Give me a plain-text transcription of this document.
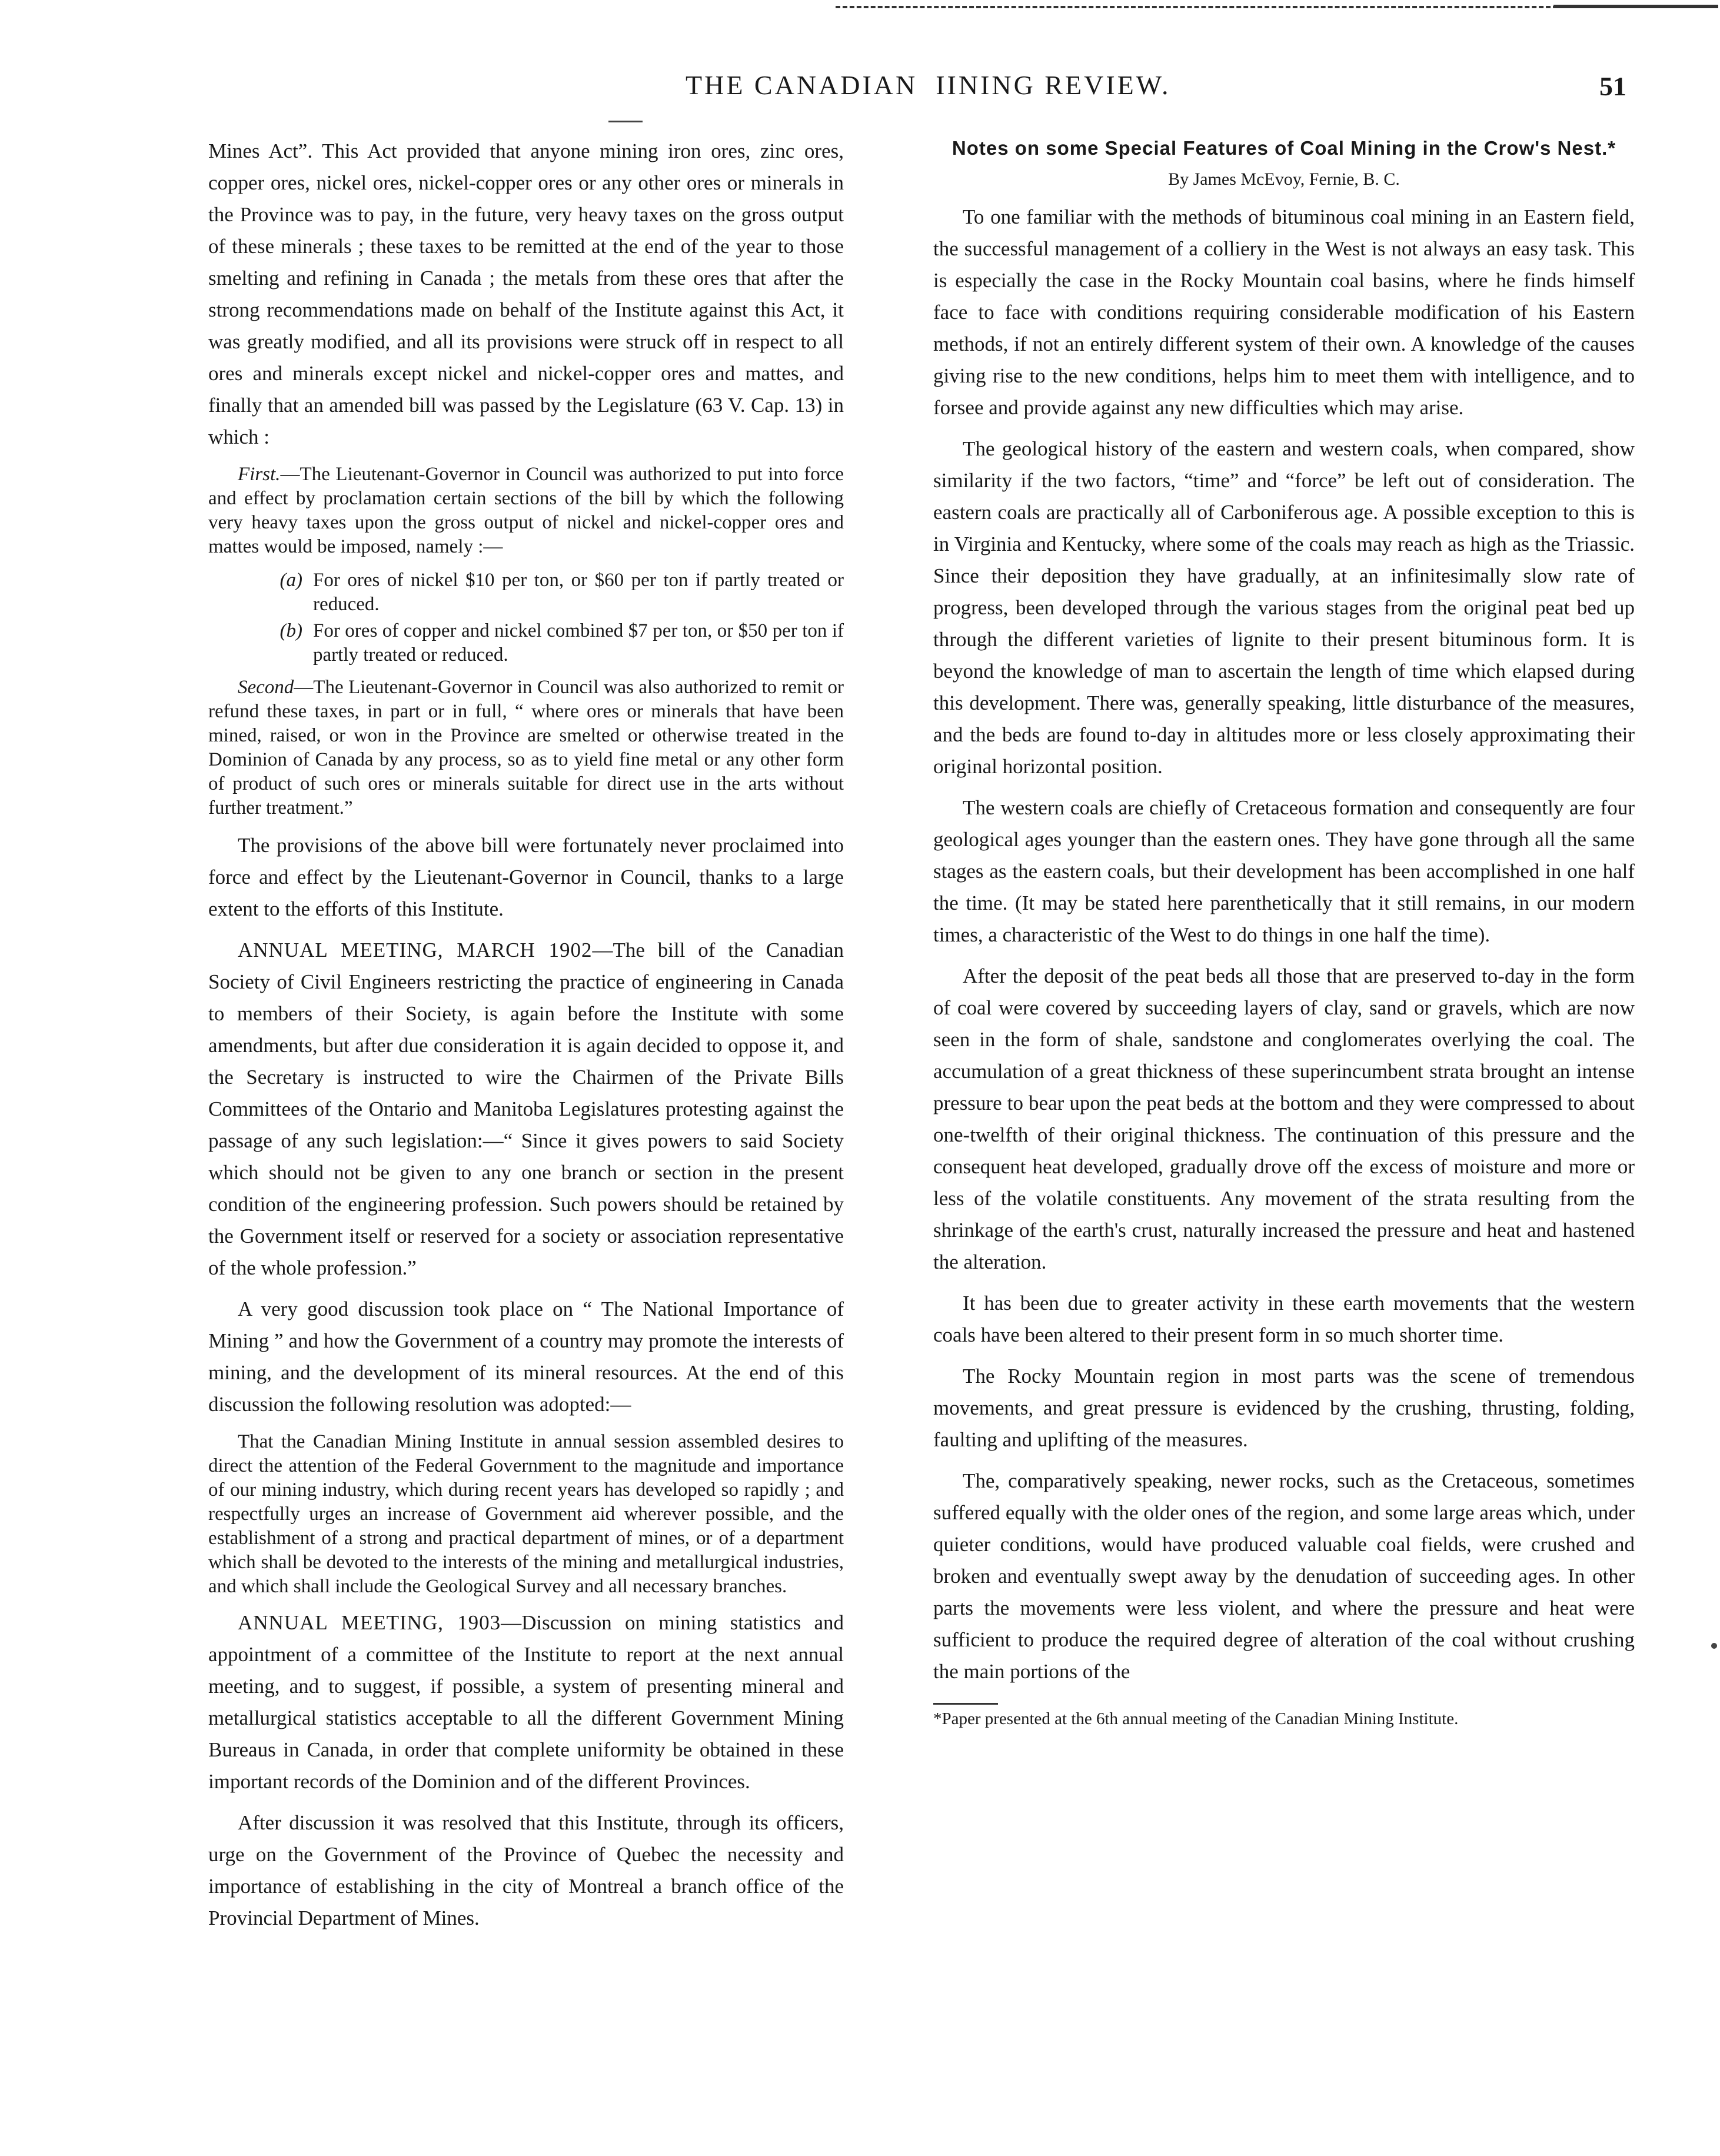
THE CANADIAN  ΙINING REVIEW.	51

Mines Act”. This Act provided that anyone mining iron ores, zinc ores, copper ores, nickel ores, nickel-copper ores or any other ores or minerals in the Province was to pay, in the future, very heavy taxes on the gross output of these minerals ; these taxes to be remitted at the end of the year to those smelting and refining in Canada ; the metals from these ores that after the strong recommendations made on behalf of the Institute against this Act, it was greatly modified, and all its provisions were struck off in respect to all ores and minerals except nickel and nickel-copper ores and mattes, and finally that an amended bill was passed by the Legislature (63 V. Cap. 13) in which :

First.—The Lieutenant-Governor in Council was authorized to put into force and effect by proclamation certain sections of the bill by which the following very heavy taxes upon the gross output of nickel and nickel-copper ores and mattes would be imposed, namely :—

(a) For ores of nickel $10 per ton, or $60 per ton if partly treated or reduced.
(b) For ores of copper and nickel combined $7 per ton, or $50 per ton if partly treated or reduced.

Second—The Lieutenant-Governor in Council was also authorized to remit or refund these taxes, in part or in full, “ where ores or minerals that have been mined, raised, or won in the Province are smelted or otherwise treated in the Dominion of Canada by any process, so as to yield fine metal or any other form of product of such ores or minerals suitable for direct use in the arts without further treatment.”

The provisions of the above bill were fortunately never proclaimed into force and effect by the Lieutenant-Governor in Council, thanks to a large extent to the efforts of this Institute.

ANNUAL MEETING, MARCH 1902—The bill of the Canadian Society of Civil Engineers restricting the practice of engineering in Canada to members of their Society, is again before the Institute with some amendments, but after due consideration it is again decided to oppose it, and the Secretary is instructed to wire the Chairmen of the Private Bills Committees of the Ontario and Manitoba Legislatures protesting against the passage of any such legislation:—“ Since it gives powers to said Society which should not be given to any one branch or section in the present condition of the engineering profession. Such powers should be retained by the Government itself or reserved for a society or association representative of the whole profession.”

A very good discussion took place on “ The National Importance of Mining ” and how the Government of a country may promote the interests of mining, and the development of its mineral resources. At the end of this discussion the following resolution was adopted:—

That the Canadian Mining Institute in annual session assembled desires to direct the attention of the Federal Government to the magnitude and importance of our mining industry, which during recent years has developed so rapidly ; and respectfully urges an increase of Government aid wherever possible, and the establishment of a strong and practical department of mines, or of a department which shall be devoted to the interests of the mining and metallurgical industries, and which shall include the Geological Survey and all necessary branches.

ANNUAL MEETING, 1903—Discussion on mining statistics and appointment of a committee of the Institute to report at the next annual meeting, and to suggest, if possible, a system of presenting mineral and metallurgical statistics acceptable to all the different Government Mining Bureaus in Canada, in order that complete uniformity be obtained in these important records of the Dominion and of the different Provinces.

After discussion it was resolved that this Institute, through its officers, urge on the Government of the Province of Quebec the necessity and importance of establishing in the city of Montreal a branch office of the Provincial Department of Mines.

Notes on some Special Features of Coal Mining in the Crow's Nest.*
By James McEvoy, Fernie, B. C.

To one familiar with the methods of bituminous coal mining in an Eastern field, the successful management of a colliery in the West is not always an easy task. This is especially the case in the Rocky Mountain coal basins, where he finds himself face to face with conditions requiring considerable modification of his Eastern methods, if not an entirely different system of their own. A knowledge of the causes giving rise to the new conditions, helps him to meet them with intelligence, and to forsee and provide against any new difficulties which may arise.

The geological history of the eastern and western coals, when compared, show similarity if the two factors, “time” and “force” be left out of consideration. The eastern coals are practically all of Carboniferous age. A possible exception to this is in Virginia and Kentucky, where some of the coals may reach as high as the Triassic. Since their deposition they have gradually, at an infinitesimally slow rate of progress, been developed through the various stages from the original peat bed up through the different varieties of lignite to their present bituminous form. It is beyond the knowledge of man to ascertain the length of time which elapsed during this development. There was, generally speaking, little disturbance of the measures, and the beds are found to-day in altitudes more or less closely approximating their original horizontal position.

The western coals are chiefly of Cretaceous formation and consequently are four geological ages younger than the eastern ones. They have gone through all the same stages as the eastern coals, but their development has been accomplished in one half the time. (It may be stated here parenthetically that it still remains, in our modern times, a characteristic of the West to do things in one half the time).

After the deposit of the peat beds all those that are preserved to-day in the form of coal were covered by succeeding layers of clay, sand or gravels, which are now seen in the form of shale, sandstone and conglomerates overlying the coal. The accumulation of a great thickness of these superincumbent strata brought an intense pressure to bear upon the peat beds at the bottom and they were compressed to about one-twelfth of their original thickness. The continuation of this pressure and the consequent heat developed, gradually drove off the excess of moisture and more or less of the volatile constituents. Any movement of the strata resulting from the shrinkage of the earth's crust, naturally increased the pressure and heat and hastened the alteration.

It has been due to greater activity in these earth movements that the western coals have been altered to their present form in so much shorter time.

The Rocky Mountain region in most parts was the scene of tremendous movements, and great pressure is evidenced by the crushing, thrusting, folding, faulting and uplifting of the measures.

The, comparatively speaking, newer rocks, such as the Cretaceous, sometimes suffered equally with the older ones of the region, and some large areas which, under quieter conditions, would have produced valuable coal fields, were crushed and broken and eventually swept away by the denudation of succeeding ages. In other parts the movements were less violent, and where the pressure and heat were sufficient to produce the required degree of alteration of the coal without crushing the main portions of the

*Paper presented at the 6th annual meeting of the Canadian Mining Institute.
